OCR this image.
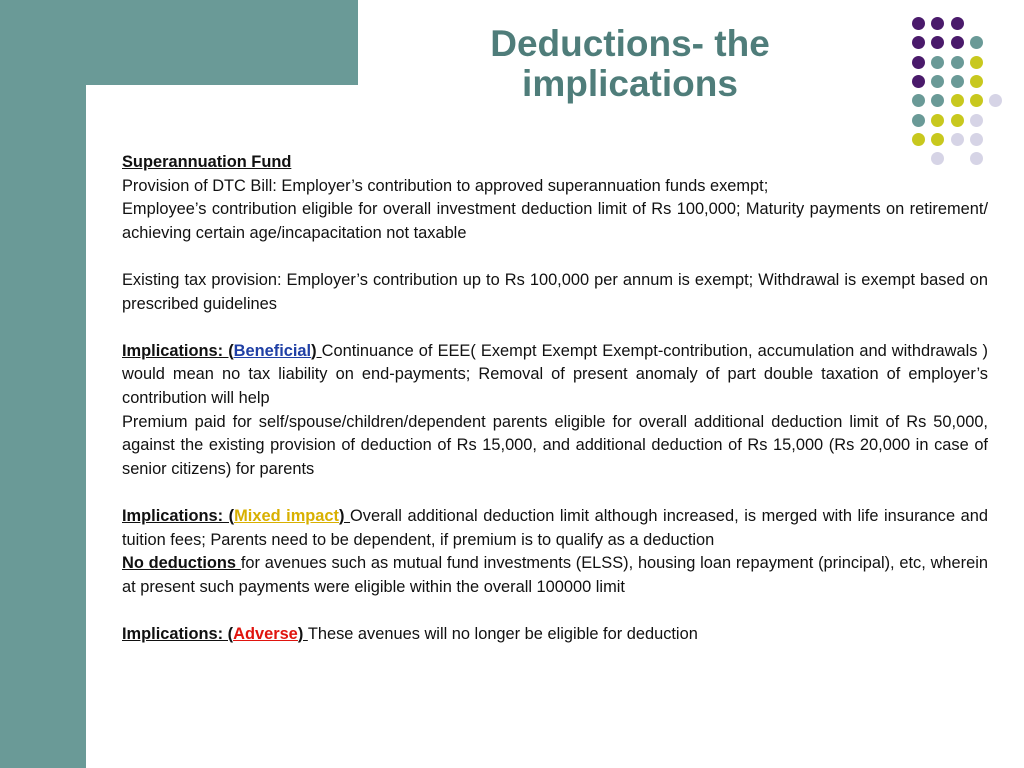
Deductions- the
implications

Superannuation Fund

Provision of DTC Bill: Employer’s contribution to approved superannuation funds exempt;

Employee’s contribution eligible for overall investment deduction limit of Rs 100,000; Maturity payments on retirement/ achieving certain age/incapacitation not taxable

Existing tax provision: Employer’s contribution up to Rs 100,000 per annum is exempt; Withdrawal is exempt based on prescribed guidelines

Implications: (Beneficial) Continuance of EEE( Exempt Exempt Exempt-contribution, accumulation and withdrawals ) would mean no tax liability on end-payments; Removal of present anomaly of part double taxation of employer’s contribution will help

Premium paid for self/spouse/children/dependent parents eligible for overall additional deduction limit of Rs 50,000, against the existing provision of deduction of Rs 15,000, and additional deduction of Rs 15,000 (Rs 20,000 in case of senior citizens) for parents

Implications: (Mixed impact) Overall additional deduction limit although increased, is merged with life insurance and tuition fees; Parents need to be dependent, if premium is to qualify as a deduction

No deductions for avenues such as mutual fund investments (ELSS), housing loan repayment (principal), etc, wherein at present such payments were eligible within the overall 100000 limit

Implications: (Adverse) These avenues will no longer be eligible for deduction
